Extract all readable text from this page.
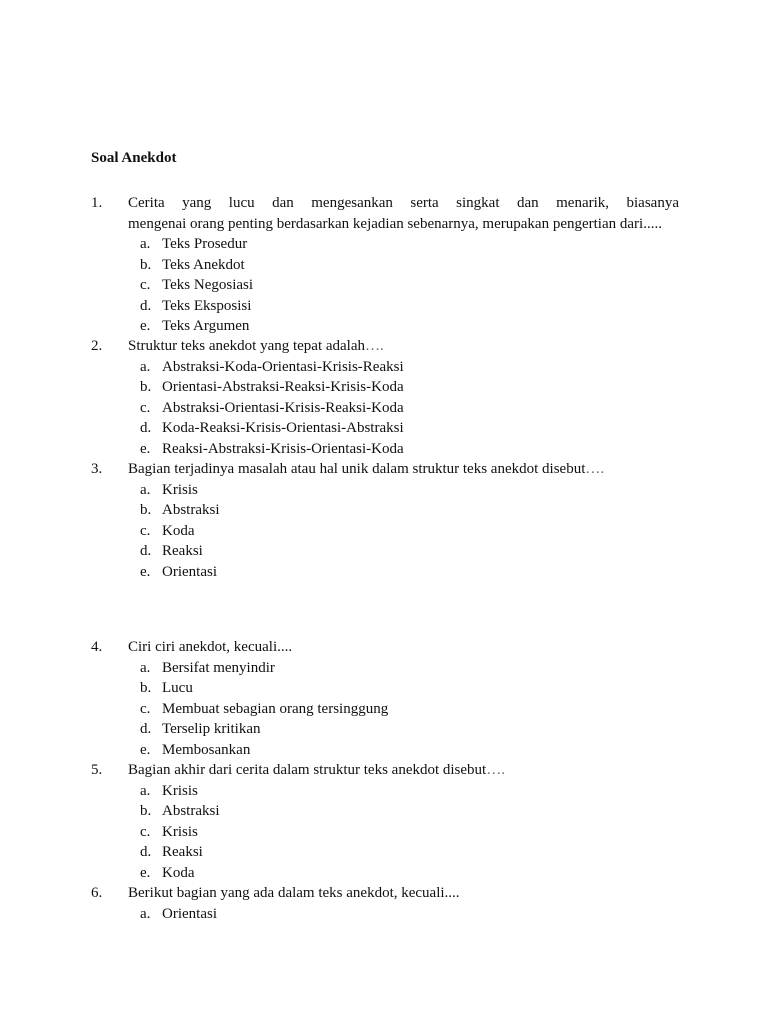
Soal Anekdot
1. Cerita yang lucu dan mengesankan serta singkat dan menarik, biasanya
mengenai orang penting berdasarkan kejadian sebenarnya, merupakan pengertian dari.....
a. Teks Prosedur
b. Teks Anekdot
c. Teks Negosiasi
d. Teks Eksposisi
e. Teks Argumen
2. Struktur teks anekdot yang tepat adalah….
a. Abstraksi-Koda-Orientasi-Krisis-Reaksi
b. Orientasi-Abstraksi-Reaksi-Krisis-Koda
c. Abstraksi-Orientasi-Krisis-Reaksi-Koda
d. Koda-Reaksi-Krisis-Orientasi-Abstraksi
e. Reaksi-Abstraksi-Krisis-Orientasi-Koda
3. Bagian terjadinya masalah atau hal unik dalam struktur teks anekdot disebut….
a. Krisis
b. Abstraksi
c. Koda
d. Reaksi
e. Orientasi
4. Ciri ciri anekdot, kecuali....
a. Bersifat menyindir
b. Lucu
c. Membuat sebagian orang tersinggung
d. Terselip kritikan
e. Membosankan
5. Bagian akhir dari cerita dalam struktur teks anekdot disebut….
a. Krisis
b. Abstraksi
c. Krisis
d. Reaksi
e. Koda
6. Berikut bagian yang ada dalam teks anekdot, kecuali....
a. Orientasi
